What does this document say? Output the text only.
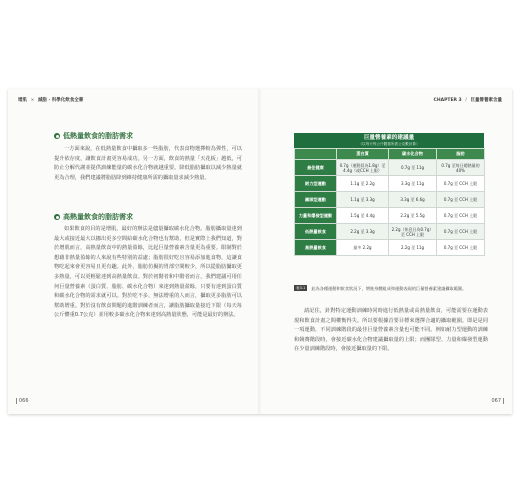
增肌 × 減脂 · 科學化飲食全書
低熱量飲食的脂肪需求
一方面來說，在低熱量飲食中攝取多一些脂肪，代表食物選擇較為彈性，可以提升依存度，讓飲食計畫更容易成功。另一方面，飲食的熱量「天花板」越低，可防止分解代謝並提供訓練能量的碳水化合物就越重要。降低脂肪攝取以減少熱量就更為合理，我們建議將脂肪降到維持健康所需的攝取量求減少熱量。
高熱量飲食的脂肪需求
如果飲食的目的是增肌，最好的辦法是儘量攝取碳水化合物。脂肪攝取量達到最大或接近最大以挪出更多空間給碳水化合物也有幫助，但是實際上我們知道，對於增肌而言，高熱量飲食中的熱量盈餘，比起巨量營養素含量更為重要。限制對於想藉非熱量盈餘的人來說有些特別的益處；脂肪很好吃且容易添加進食物，這讓食物吃起來會更容易且更有趣。此外，脂肪仿擬的胃部空間較少，所以從脂肪攝取更多熱量，可以更輕鬆達到高熱量飲食。對於初階者和中階者而言，我們建議可用任何巨量營養素（蛋白質、脂肪、碳水化合物）來達到熱量盈餘，只要有達到蛋白質和碳水化合物的需求就可以。對於吃不多、無法增重的人而言，攝取更多脂肪可以幫助增重。對於沒有飲食問題的進階訓練者而言，讓脂肪攝取量接近下限（每天每公斤體重0.7公克）並用較多碳水化合物來達到高熱量狀態，可能是最好的辦法。
066
CHAPTER 3 / 巨量營養素含量
巨量營養素的建議量
（以每天每公斤體重所需公克數計算）
	蛋白質	碳水化合物	脂肪
最佳健康	0.7g（運動員為1.8g）至4.4g（或CCH 上限）	0.7g 至 11g	0.7g 至每日總熱量的 40%
耐力型運動	1.1g 至 2.2g	3.3g 至 11g	0.7g 至 CCH 上限
團隊型運動	1.1g 至 3.3g	3.3g 至 6.6g	0.7g 至 CCH 上限
力量和爆發型運動	1.5g 至 4.4g	2.2g 至 5.5g	0.7g 至 CCH 上限
低熱量飲食	2.2g 至 3.3g	2.2g（休息日為0.7g）至 CCH 上限	0.7g 至 CCH 上限
高熱量飲食	最多 2.2g	2.2g 至 11g	0.7g 至 CCH 上限
表3.1	此為各種運動和飲食狀況下，增進身體組成和運動表現的巨量營養素建議攝取範圍。
請記住，針對特定運動訓練時同時進行低熱量或高熱量飲食，可能需要在運動表現和飲食計畫之間權衡得失。所以要根據首要目標來選擇合適的攝取範圍。即是是同一項運動，不同訓練階段的最佳巨量營養素含量也可能不同。例如耐力型運動的訓練和競賽階段時，會接近碳水化合物建議攝取量的上限；而團隊型、力量和爆發型運動在少量訓練階段時，會接近攝取量的下限。
067
